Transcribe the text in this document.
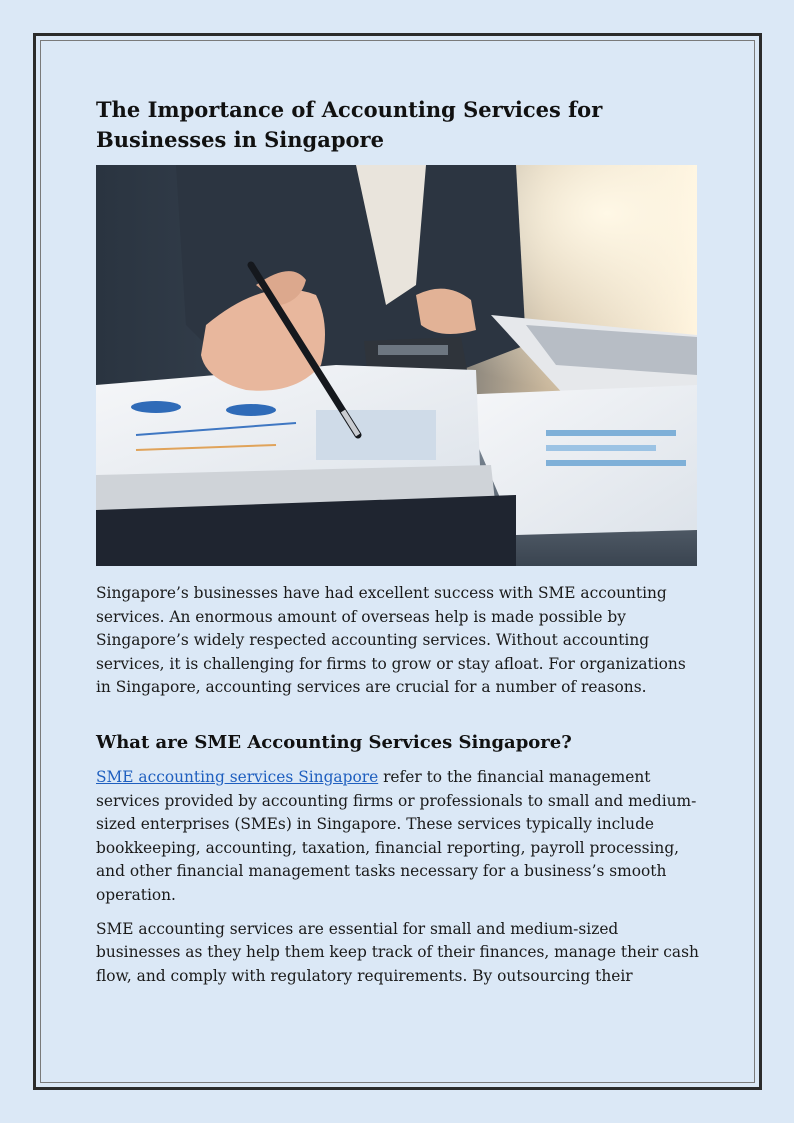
The Importance of Accounting Services for Businesses in Singapore

Singapore’s businesses have had excellent success with SME accounting services. An enormous amount of overseas help is made possible by Singapore’s widely respected accounting services. Without accounting services, it is challenging for firms to grow or stay afloat. For organizations in Singapore, accounting services are crucial for a number of reasons.

What are SME Accounting Services Singapore?

SME accounting services Singapore refer to the financial management services provided by accounting firms or professionals to small and medium-sized enterprises (SMEs) in Singapore. These services typically include bookkeeping, accounting, taxation, financial reporting, payroll processing, and other financial management tasks necessary for a business’s smooth operation.

SME accounting services are essential for small and medium-sized businesses as they help them keep track of their finances, manage their cash flow, and comply with regulatory requirements. By outsourcing their
